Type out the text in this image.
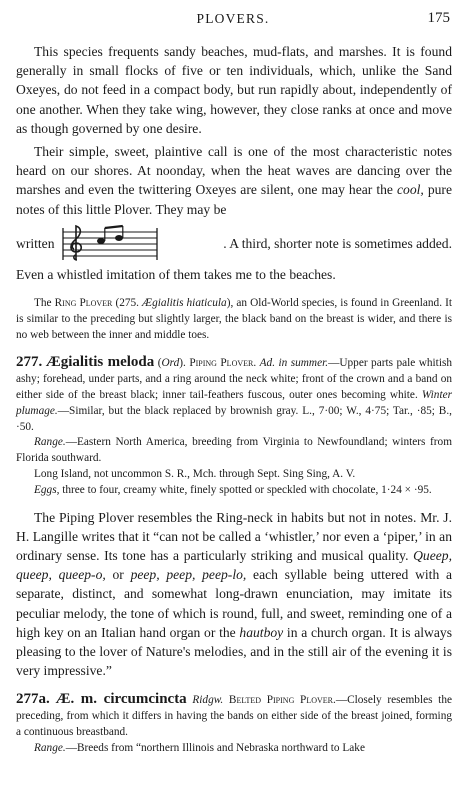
PLOVERS.	175

This species frequents sandy beaches, mud-flats, and marshes. It is found generally in small flocks of five or ten individuals, which, unlike the Sand Oxeyes, do not feed in a compact body, but run rapidly about, independently of one another. When they take wing, however, they close ranks at once and move as though governed by one desire.

Their simple, sweet, plaintive call is one of the most characteristic notes heard on our shores. At noonday, when the heat waves are dancing over the marshes and even the twittering Oxeyes are silent, one may hear the cool, pure notes of this little Plover. They may be

written	. A third, shorter note is sometimes added.

Even a whistled imitation of them takes me to the beaches.

The Ring Plover (275. Ægialitis hiaticula), an Old-World species, is found in Greenland. It is similar to the preceding but slightly larger, the black band on the breast is wider, and there is no web between the inner and middle toes.

277. Ægialitis meloda (Ord). Piping Plover. Ad. in summer.—Upper parts pale whitish ashy; forehead, under parts, and a ring around the neck white; front of the crown and a band on either side of the breast black; inner tail-feathers fuscous, outer ones becoming white. Winter plumage.—Similar, but the black replaced by brownish gray. L., 7·00; W., 4·75; Tar., ·85; B., ·50.

Range.—Eastern North America, breeding from Virginia to Newfoundland; winters from Florida southward.

Long Island, not uncommon S. R., Mch. through Sept. Sing Sing, A. V.

Eggs, three to four, creamy white, finely spotted or speckled with chocolate, 1·24 × ·95.

The Piping Plover resembles the Ring-neck in habits but not in notes. Mr. J. H. Langille writes that it “can not be called a ‘whistler,’ nor even a ‘piper,’ in an ordinary sense. Its tone has a particularly striking and musical quality. Queep, queep, queep-o, or peep, peep, peep-lo, each syllable being uttered with a separate, distinct, and somewhat long-drawn enunciation, may imitate its peculiar melody, the tone of which is round, full, and sweet, reminding one of a high key on an Italian hand organ or the hautboy in a church organ. It is always pleasing to the lover of Nature's melodies, and in the still air of the evening it is very impressive.”

277a. Æ. m. circumcincta Ridgw. Belted Piping Plover.—Closely resembles the preceding, from which it differs in having the bands on either side of the breast joined, forming a continuous breastband.

Range.—Breeds from “northern Illinois and Nebraska northward to Lake
